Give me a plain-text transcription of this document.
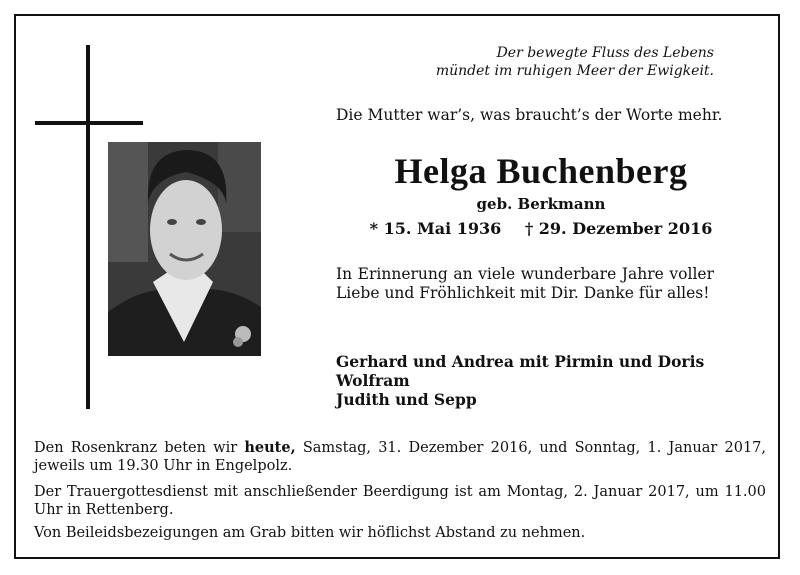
Der bewegte Fluss des Lebens
mündet im ruhigen Meer der Ewigkeit.
Die Mutter war’s, was braucht’s der Worte mehr.
Helga Buchenberg
geb. Berkmann
* 15. Mai 1936 † 29. Dezember 2016
In Erinnerung an viele wunderbare Jahre voller Liebe und Fröhlichkeit mit Dir. Danke für alles!
Gerhard und Andrea mit Pirmin und Doris
Wolfram
Judith und Sepp
Den Rosenkranz beten wir heute, Samstag, 31. Dezember 2016, und Sonntag, 1. Januar 2017, jeweils um 19.30 Uhr in Engelpolz.
Der Trauergottesdienst mit anschließender Beerdigung ist am Montag, 2. Januar 2017, um 11.00 Uhr in Rettenberg.
Von Beileidsbezeigungen am Grab bitten wir höflichst Abstand zu nehmen.
